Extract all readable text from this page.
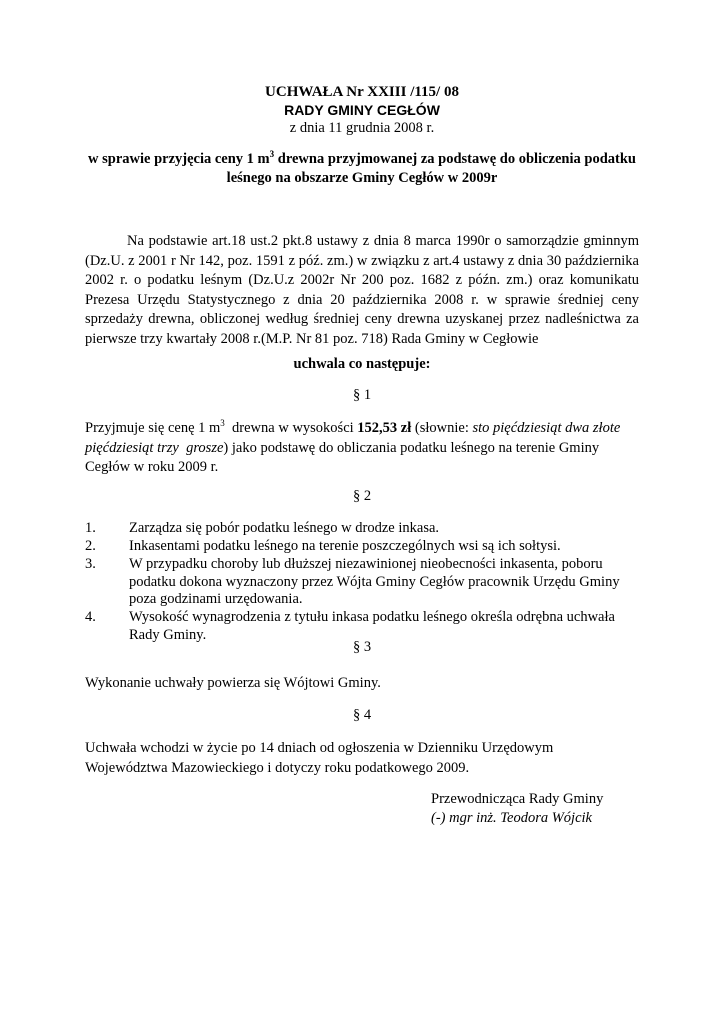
UCHWAŁA Nr XXIII /115/ 08
RADY GMINY CEGŁÓW
z dnia 11 grudnia 2008 r.
w sprawie przyjęcia ceny 1 $m^3$ drewna przyjmowanej za podstawę do obliczenia podatku leśnego na obszarze Gminy Cegłów w 2009r
Na podstawie art.18 ust.2 pkt.8 ustawy z dnia 8 marca 1990r o samorządzie gminnym (Dz.U. z 2001 r Nr 142, poz. 1591 z póź. zm.) w związku z art.4 ustawy z dnia 30 października 2002 r. o podatku leśnym (Dz.U.z 2002r Nr 200 poz. 1682 z późn. zm.) oraz komunikatu Prezesa Urzędu Statystycznego z dnia 20 października 2008 r. w sprawie średniej ceny sprzedaży drewna, obliczonej według średniej ceny drewna uzyskanej przez nadleśnictwa za pierwsze trzy kwartały 2008 r.(M.P. Nr 81 poz. 718) Rada Gminy w Cegłowie
uchwala co następuje:
§ 1
Przyjmuje się cenę 1 $m^3$  drewna w wysokości 152,53 zł (słownie: sto pięćdziesiąt dwa złote pięćdziesiąt trzy  grosze) jako podstawę do obliczania podatku leśnego na terenie Gminy Cegłów w roku 2009 r.
§ 2
1. Zarządza się pobór podatku leśnego w drodze inkasa.
2. Inkasentami podatku leśnego na terenie poszczególnych wsi są ich sołtysi.
3. W przypadku choroby lub dłuższej niezawinionej nieobecności inkasenta, poboru podatku dokona wyznaczony przez Wójta Gminy Cegłów pracownik Urzędu Gminy poza godzinami urzędowania.
4. Wysokość wynagrodzenia z tytułu inkasa podatku leśnego określa odrębna uchwała Rady Gminy.
§ 3
Wykonanie uchwały powierza się Wójtowi Gminy.
§ 4
Uchwała wchodzi w życie po 14 dniach od ogłoszenia w Dzienniku Urzędowym Województwa Mazowieckiego i dotyczy roku podatkowego 2009.
Przewodnicząca Rady Gminy
(-) mgr inż. Teodora Wójcik
